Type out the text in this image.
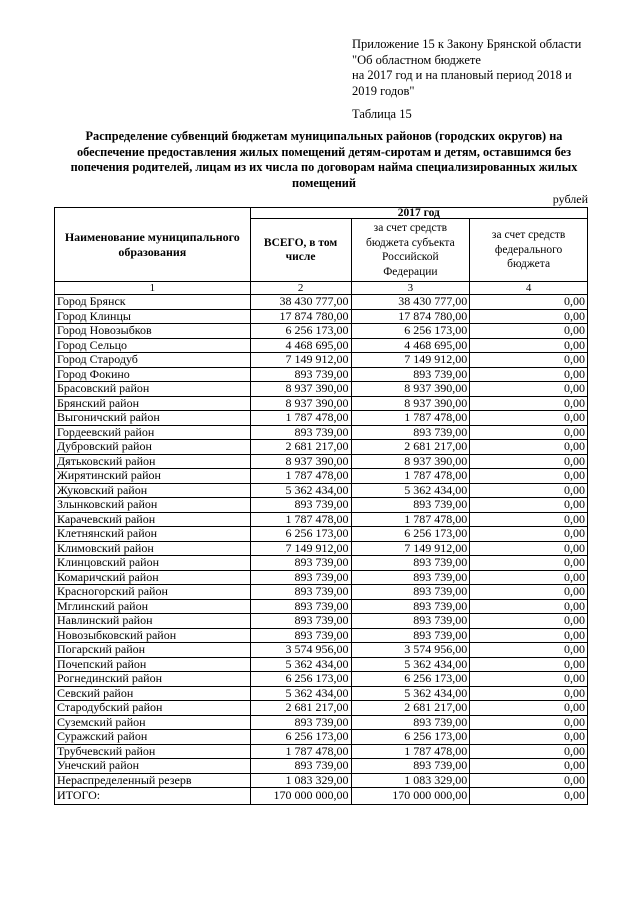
Приложение 15 к Закону Брянской области
"Об областном бюджете
на 2017 год и на плановый период 2018 и
2019 годов"
Таблица 15
Распределение субвенций бюджетам муниципальных районов (городских округов) на обеспечение предоставления жилых помещений детям-сиротам и детям, оставшимся без попечения родителей, лицам из их числа по договорам найма специализированных жилых помещений
рублей
Наименование муниципального образования	2017 год		
	ВСЕГО, в том числе	за счет средств бюджета субъекта Российской Федерации	за счет средств федерального бюджета
1	2	3	4
Город Брянск	38 430 777,00	38 430 777,00	0,00
Город Клинцы	17 874 780,00	17 874 780,00	0,00
Город Новозыбков	6 256 173,00	6 256 173,00	0,00
Город Сельцо	4 468 695,00	4 468 695,00	0,00
Город Стародуб	7 149 912,00	7 149 912,00	0,00
Город Фокино	893 739,00	893 739,00	0,00
Брасовский район	8 937 390,00	8 937 390,00	0,00
Брянский район	8 937 390,00	8 937 390,00	0,00
Выгоничский район	1 787 478,00	1 787 478,00	0,00
Гордеевский район	893 739,00	893 739,00	0,00
Дубровский район	2 681 217,00	2 681 217,00	0,00
Дятьковский район	8 937 390,00	8 937 390,00	0,00
Жирятинский район	1 787 478,00	1 787 478,00	0,00
Жуковский район	5 362 434,00	5 362 434,00	0,00
Злынковский район	893 739,00	893 739,00	0,00
Карачевский район	1 787 478,00	1 787 478,00	0,00
Клетнянский район	6 256 173,00	6 256 173,00	0,00
Климовский район	7 149 912,00	7 149 912,00	0,00
Клинцовский район	893 739,00	893 739,00	0,00
Комаричский район	893 739,00	893 739,00	0,00
Красногорский район	893 739,00	893 739,00	0,00
Мглинский район	893 739,00	893 739,00	0,00
Навлинский район	893 739,00	893 739,00	0,00
Новозыбковский район	893 739,00	893 739,00	0,00
Погарский район	3 574 956,00	3 574 956,00	0,00
Почепский район	5 362 434,00	5 362 434,00	0,00
Рогнединский район	6 256 173,00	6 256 173,00	0,00
Севский район	5 362 434,00	5 362 434,00	0,00
Стародубский район	2 681 217,00	2 681 217,00	0,00
Суземский район	893 739,00	893 739,00	0,00
Суражский район	6 256 173,00	6 256 173,00	0,00
Трубчевский район	1 787 478,00	1 787 478,00	0,00
Унечский район	893 739,00	893 739,00	0,00
Нераспределенный резерв	1 083 329,00	1 083 329,00	0,00
ИТОГО:	170 000 000,00	170 000 000,00	0,00
